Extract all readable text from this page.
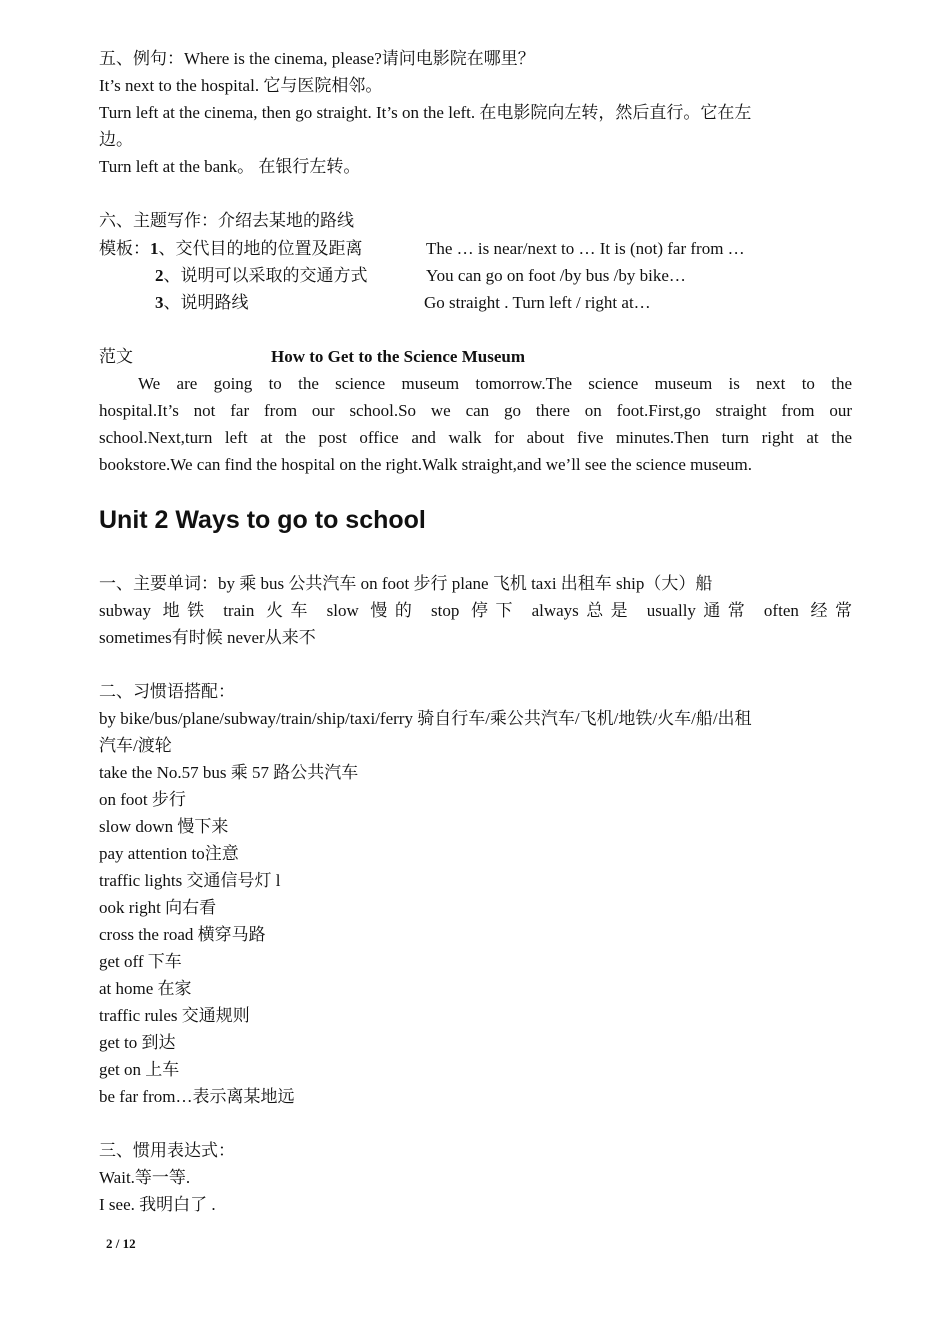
五、例句：Where is the cinema, please?请问电影院在哪里？
It’s next to the hospital. 它与医院相邻。
Turn left at the cinema, then go straight. It’s on the left. 在电影院向左转，然后直行。它在左
边。
Turn left at the bank。 在银行左转。
六、主题写作：介绍去某地的路线
模板：1、交代目的地的位置及距离	The … is near/next to … It is (not) far from …
2、说明可以采取的交通方式	You can go on foot /by bus /by bike…
3、说明路线	Go straight . Turn left / right at…
范文	How to Get to the Science Museum
We are going to the science museum tomorrow.The science museum is next to the
hospital.It’s not far from our school.So we can go there on foot.First,go straight from our
school.Next,turn left at the post office and walk for about five minutes.Then turn right at the
bookstore.We can find the hospital on the right.Walk straight,and we’ll see the science museum.
Unit 2 Ways to go to school
一、主要单词：by 乘 bus 公共汽车 on foot 步行 plane 飞机 taxi 出租车 ship（大）船
subway 地铁 train 火车 slow 慢的 stop 停下 always总是 usually通常 often 经常
sometimes有时候 never从来不
二、习惯语搭配：
by bike/bus/plane/subway/train/ship/taxi/ferry 骑自行车/乘公共汽车/飞机/地铁/火车/船/出租
汽车/渡轮
take the No.57 bus 乘 57 路公共汽车
on foot 步行
slow down 慢下来
pay attention to注意
traffic lights 交通信号灯 l
ook right 向右看
cross the road 横穿马路
get off 下车
at home 在家
traffic rules 交通规则
get to 到达
get on 上车
be far from…表示离某地远
三、惯用表达式：
Wait.等一等.
I see. 我明白了 .
2 / 12
